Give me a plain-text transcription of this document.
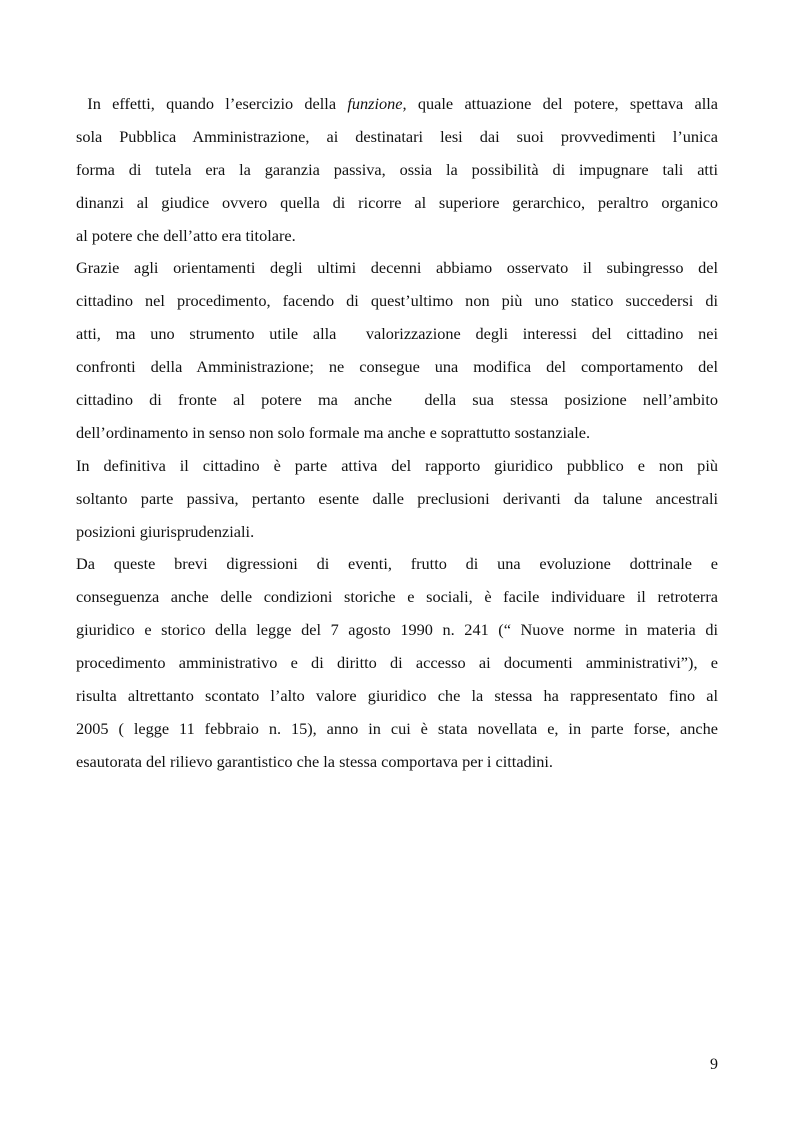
In effetti, quando l’esercizio della funzione, quale attuazione del potere, spettava alla
sola Pubblica Amministrazione, ai destinatari lesi dai suoi provvedimenti l’unica
forma di tutela era la garanzia passiva, ossia la possibilità di impugnare tali atti
dinanzi al giudice ovvero quella di ricorre al superiore gerarchico, peraltro organico
al potere che dell’atto era titolare.
Grazie agli orientamenti degli ultimi decenni abbiamo osservato il subingresso del
cittadino nel procedimento, facendo di quest’ultimo non più uno statico succedersi di
atti, ma uno strumento utile alla  valorizzazione degli interessi del cittadino nei
confronti della Amministrazione; ne consegue una modifica del comportamento del
cittadino di fronte al potere ma anche  della sua stessa posizione nell’ambito
dell’ordinamento in senso non solo formale ma anche e soprattutto sostanziale.
In definitiva il cittadino è parte attiva del rapporto giuridico pubblico e non più
soltanto parte passiva, pertanto esente dalle preclusioni derivanti da talune ancestrali
posizioni giurisprudenziali.
Da queste brevi digressioni di eventi, frutto di una evoluzione dottrinale e
conseguenza anche delle condizioni storiche e sociali, è facile individuare il retroterra
giuridico e storico della legge del 7 agosto 1990 n. 241 (“ Nuove norme in materia di
procedimento amministrativo e di diritto di accesso ai documenti amministrativi”), e
risulta altrettanto scontato l’alto valore giuridico che la stessa ha rappresentato fino al
2005 ( legge 11 febbraio n. 15), anno in cui è stata novellata e, in parte forse, anche
esautorata del rilievo garantistico che la stessa comportava per i cittadini.
9
